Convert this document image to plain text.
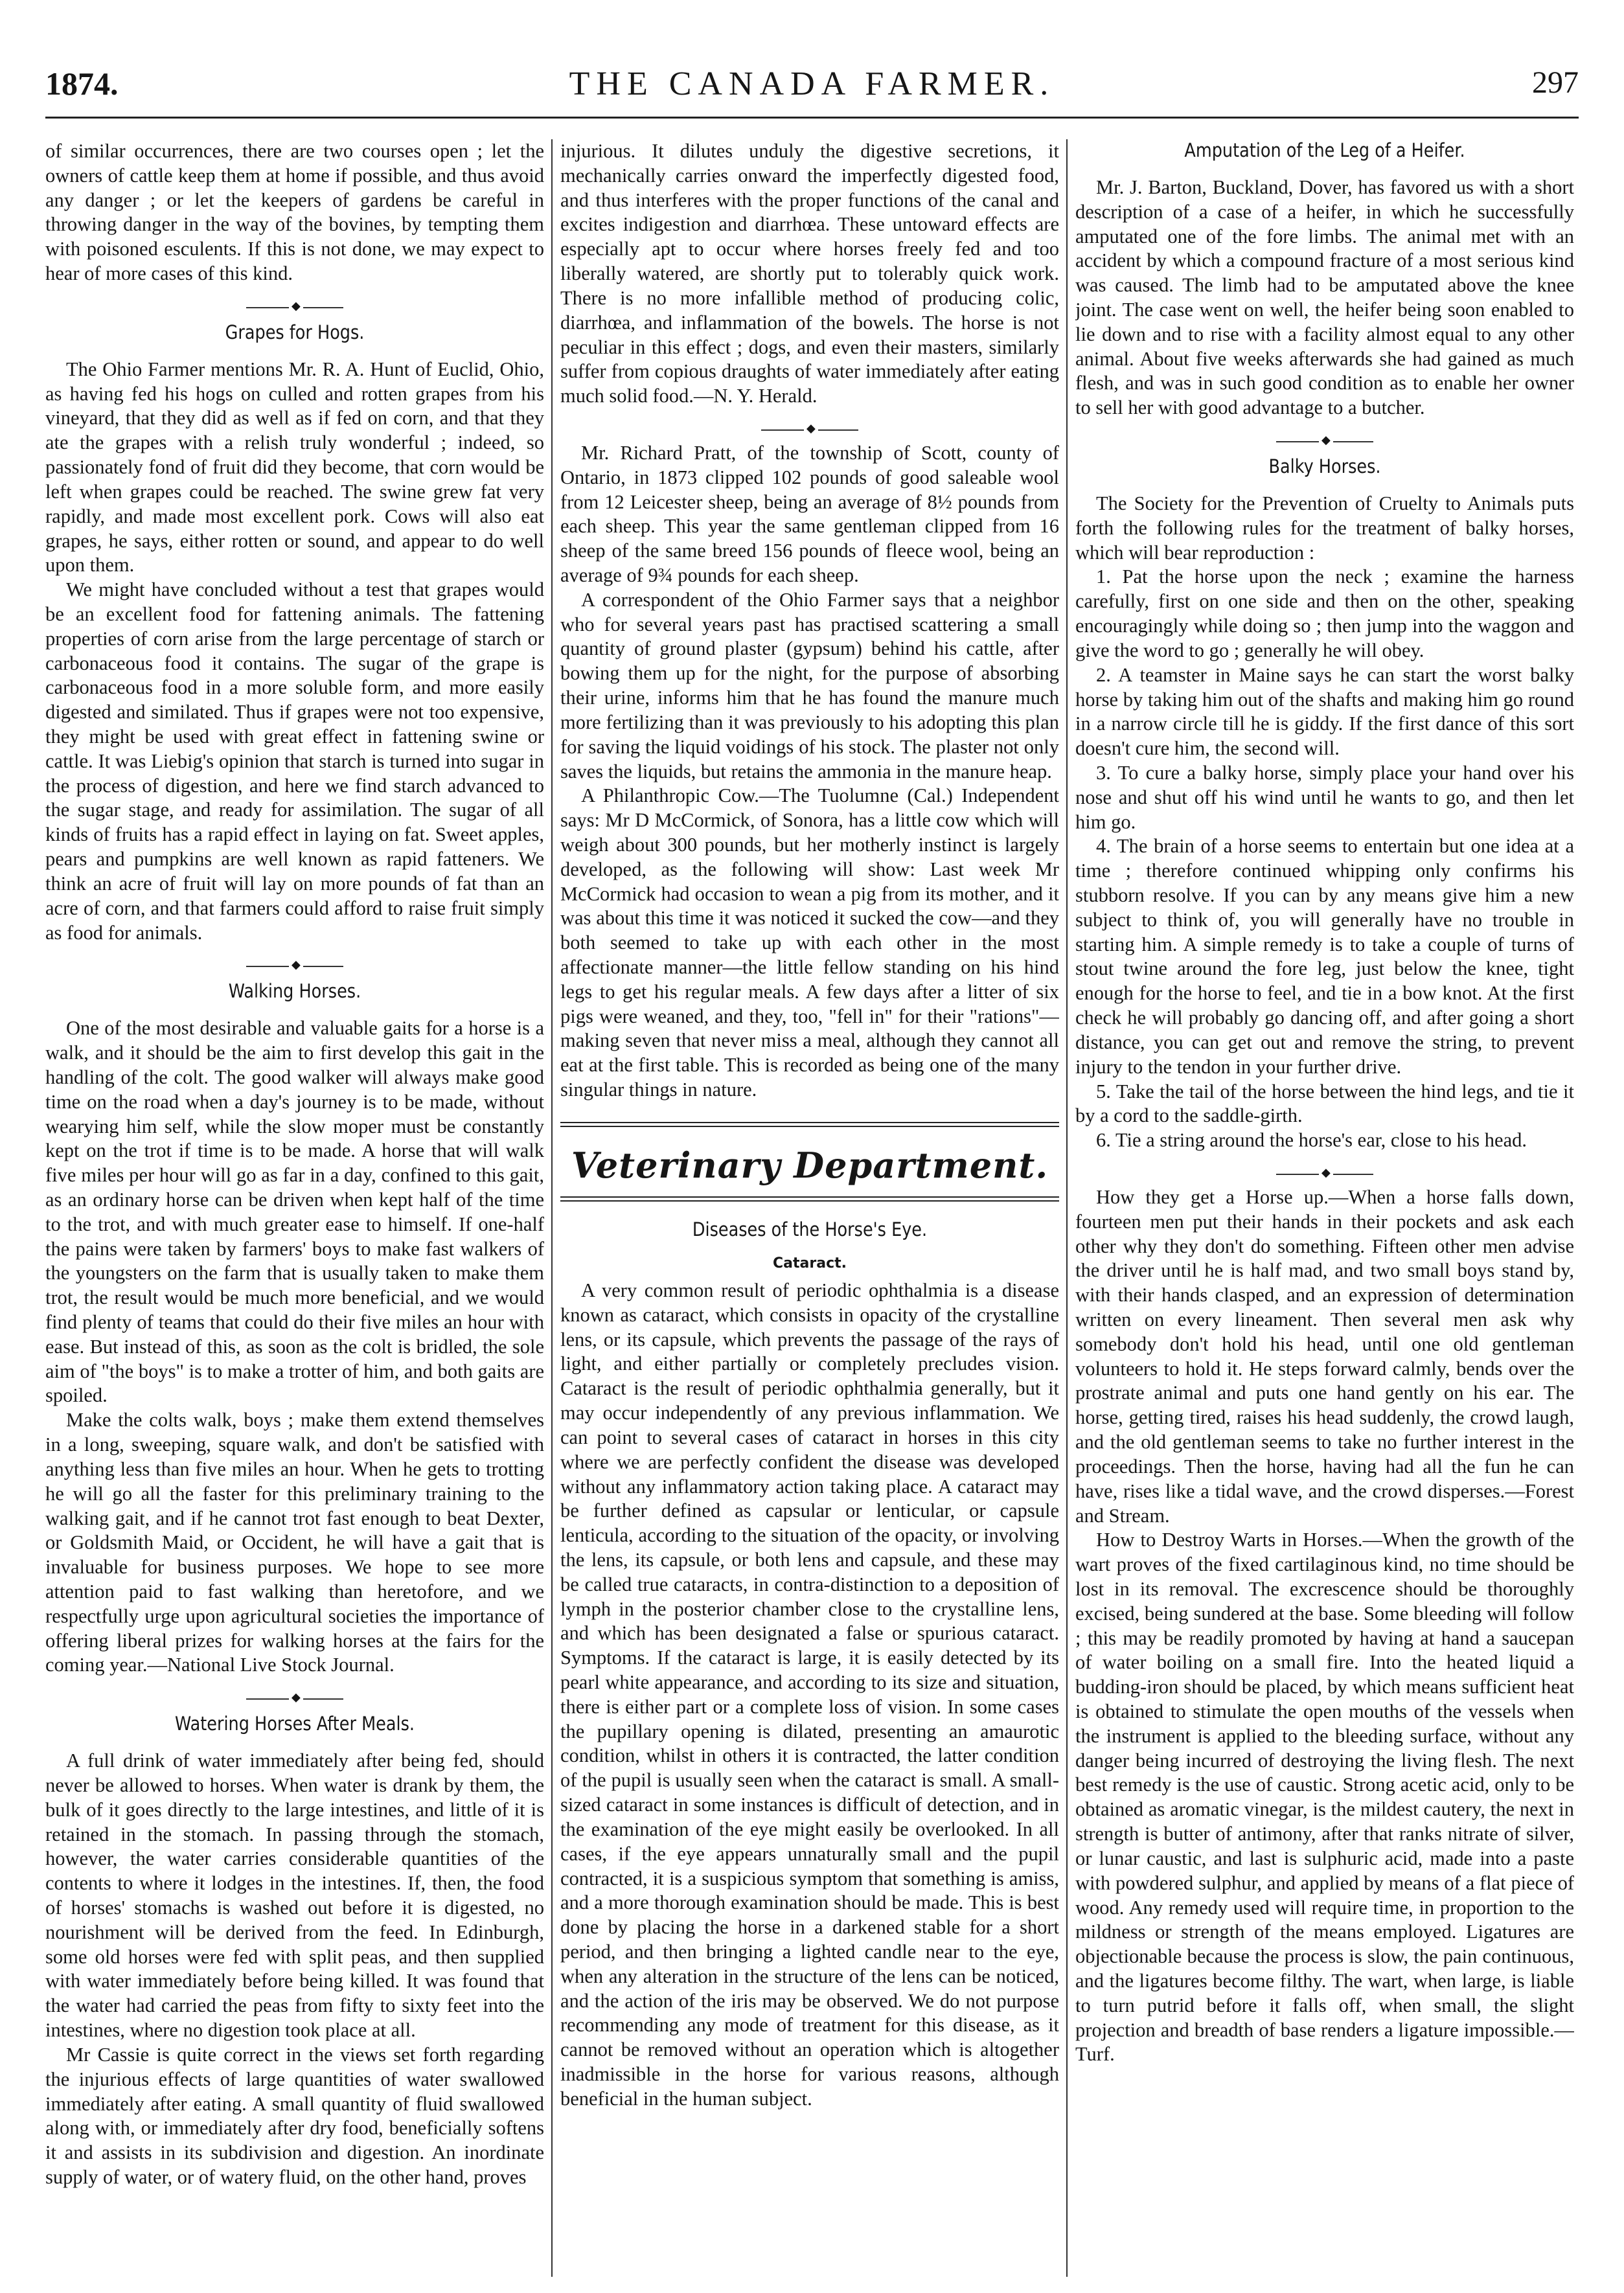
1874.	THE CANADA FARMER.	297

of similar occurrences, there are two courses open ; let the owners of cattle keep them at home if possible, and thus avoid any danger ; or let the keepers of gardens be careful in throwing danger in the way of the bovines, by tempting them with poisoned esculents. If this is not done, we may expect to hear of more cases of this kind.

◆
Grapes for Hogs.

The Ohio Farmer mentions Mr. R. A. Hunt of Euclid, Ohio, as having fed his hogs on culled and rotten grapes from his vineyard, that they did as well as if fed on corn, and that they ate the grapes with a relish truly wonderful ; indeed, so passionately fond of fruit did they become, that corn would be left when grapes could be reached. The swine grew fat very rapidly, and made most excellent pork. Cows will also eat grapes, he says, either rotten or sound, and appear to do well upon them.

We might have concluded without a test that grapes would be an excellent food for fattening animals. The fattening properties of corn arise from the large percentage of starch or carbonaceous food it contains. The sugar of the grape is carbonaceous food in a more soluble form, and more easily digested and similated. Thus if grapes were not too expensive, they might be used with great effect in fattening swine or cattle. It was Liebig's opinion that starch is turned into sugar in the process of digestion, and here we find starch advanced to the sugar stage, and ready for assimilation. The sugar of all kinds of fruits has a rapid effect in laying on fat. Sweet apples, pears and pumpkins are well known as rapid fatteners. We think an acre of fruit will lay on more pounds of fat than an acre of corn, and that farmers could afford to raise fruit simply as food for animals.

◆
Walking Horses.

One of the most desirable and valuable gaits for a horse is a walk, and it should be the aim to first develop this gait in the handling of the colt. The good walker will always make good time on the road when a day's journey is to be made, without wearying him self, while the slow moper must be constantly kept on the trot if time is to be made. A horse that will walk five miles per hour will go as far in a day, confined to this gait, as an ordinary horse can be driven when kept half of the time to the trot, and with much greater ease to himself. If one-half the pains were taken by farmers' boys to make fast walkers of the youngsters on the farm that is usually taken to make them trot, the result would be much more beneficial, and we would find plenty of teams that could do their five miles an hour with ease. But instead of this, as soon as the colt is bridled, the sole aim of "the boys" is to make a trotter of him, and both gaits are spoiled.

Make the colts walk, boys ; make them extend themselves in a long, sweeping, square walk, and don't be satisfied with anything less than five miles an hour. When he gets to trotting he will go all the faster for this preliminary training to the walking gait, and if he cannot trot fast enough to beat Dexter, or Goldsmith Maid, or Occident, he will have a gait that is invaluable for business purposes. We hope to see more attention paid to fast walking than heretofore, and we respectfully urge upon agricultural societies the importance of offering liberal prizes for walking horses at the fairs for the coming year.—National Live Stock Journal.

◆
Watering Horses After Meals.

A full drink of water immediately after being fed, should never be allowed to horses. When water is drank by them, the bulk of it goes directly to the large intestines, and little of it is retained in the stomach. In passing through the stomach, however, the water carries considerable quantities of the contents to where it lodges in the intestines. If, then, the food of horses' stomachs is washed out before it is digested, no nourishment will be derived from the feed. In Edinburgh, some old horses were fed with split peas, and then supplied with water immediately before being killed. It was found that the water had carried the peas from fifty to sixty feet into the intestines, where no digestion took place at all.

Mr Cassie is quite correct in the views set forth regarding the injurious effects of large quantities of water swallowed immediately after eating. A small quantity of fluid swallowed along with, or immediately after dry food, beneficially softens it and assists in its subdivision and digestion. An inordinate supply of water, or of watery fluid, on the other hand, proves

injurious. It dilutes unduly the digestive secretions, it mechanically carries onward the imperfectly digested food, and thus interferes with the proper functions of the canal and excites indigestion and diarrhœa. These untoward effects are especially apt to occur where horses freely fed and too liberally watered, are shortly put to tolerably quick work. There is no more infallible method of producing colic, diarrhœa, and inflammation of the bowels. The horse is not peculiar in this effect ; dogs, and even their masters, similarly suffer from copious draughts of water immediately after eating much solid food.—N. Y. Herald.

◆

Mr. Richard Pratt, of the township of Scott, county of Ontario, in 1873 clipped 102 pounds of good saleable wool from 12 Leicester sheep, being an average of 8½ pounds from each sheep. This year the same gentleman clipped from 16 sheep of the same breed 156 pounds of fleece wool, being an average of 9¾ pounds for each sheep.

A correspondent of the Ohio Farmer says that a neighbor who for several years past has practised scattering a small quantity of ground plaster (gypsum) behind his cattle, after bowing them up for the night, for the purpose of absorbing their urine, informs him that he has found the manure much more fertilizing than it was previously to his adopting this plan for saving the liquid voidings of his stock. The plaster not only saves the liquids, but retains the ammonia in the manure heap.

A Philanthropic Cow.—The Tuolumne (Cal.) Independent says: Mr D McCormick, of Sonora, has a little cow which will weigh about 300 pounds, but her motherly instinct is largely developed, as the following will show: Last week Mr McCormick had occasion to wean a pig from its mother, and it was about this time it was noticed it sucked the cow—and they both seemed to take up with each other in the most affectionate manner—the little fellow standing on his hind legs to get his regular meals. A few days after a litter of six pigs were weaned, and they, too, "fell in" for their "rations"—making seven that never miss a meal, although they cannot all eat at the first table. This is recorded as being one of the many singular things in nature.

Veterinary Department.
Diseases of the Horse's Eye.
Cataract.

A very common result of periodic ophthalmia is a disease known as cataract, which consists in opacity of the crystalline lens, or its capsule, which prevents the passage of the rays of light, and either partially or completely precludes vision. Cataract is the result of periodic ophthalmia generally, but it may occur independently of any previous inflammation. We can point to several cases of cataract in horses in this city where we are perfectly confident the disease was developed without any inflammatory action taking place. A cataract may be further defined as capsular or lenticular, or capsule lenticula, according to the situation of the opacity, or involving the lens, its capsule, or both lens and capsule, and these may be called true cataracts, in contra-distinction to a deposition of lymph in the posterior chamber close to the crystalline lens, and which has been designated a false or spurious cataract. Symptoms. If the cataract is large, it is easily detected by its pearl white appearance, and according to its size and situation, there is either part or a complete loss of vision. In some cases the pupillary opening is dilated, presenting an amaurotic condition, whilst in others it is contracted, the latter condition of the pupil is usually seen when the cataract is small. A small-sized cataract in some instances is difficult of detection, and in the examination of the eye might easily be overlooked. In all cases, if the eye appears unnaturally small and the pupil contracted, it is a suspicious symptom that something is amiss, and a more thorough examination should be made. This is best done by placing the horse in a darkened stable for a short period, and then bringing a lighted candle near to the eye, when any alteration in the structure of the lens can be noticed, and the action of the iris may be observed. We do not purpose recommending any mode of treatment for this disease, as it cannot be removed without an operation which is altogether inadmissible in the horse for various reasons, although beneficial in the human subject.

Amputation of the Leg of a Heifer.

Mr. J. Barton, Buckland, Dover, has favored us with a short description of a case of a heifer, in which he successfully amputated one of the fore limbs. The animal met with an accident by which a compound fracture of a most serious kind was caused. The limb had to be amputated above the knee joint. The case went on well, the heifer being soon enabled to lie down and to rise with a facility almost equal to any other animal. About five weeks afterwards she had gained as much flesh, and was in such good condition as to enable her owner to sell her with good advantage to a butcher.

◆
Balky Horses.

The Society for the Prevention of Cruelty to Animals puts forth the following rules for the treatment of balky horses, which will bear reproduction :

1. Pat the horse upon the neck ; examine the harness carefully, first on one side and then on the other, speaking encouragingly while doing so ; then jump into the waggon and give the word to go ; generally he will obey.

2. A teamster in Maine says he can start the worst balky horse by taking him out of the shafts and making him go round in a narrow circle till he is giddy. If the first dance of this sort doesn't cure him, the second will.

3. To cure a balky horse, simply place your hand over his nose and shut off his wind until he wants to go, and then let him go.

4. The brain of a horse seems to entertain but one idea at a time ; therefore continued whipping only confirms his stubborn resolve. If you can by any means give him a new subject to think of, you will generally have no trouble in starting him. A simple remedy is to take a couple of turns of stout twine around the fore leg, just below the knee, tight enough for the horse to feel, and tie in a bow knot. At the first check he will probably go dancing off, and after going a short distance, you can get out and remove the string, to prevent injury to the tendon in your further drive.

5. Take the tail of the horse between the hind legs, and tie it by a cord to the saddle-girth.

6. Tie a string around the horse's ear, close to his head.

◆

How they get a Horse up.—When a horse falls down, fourteen men put their hands in their pockets and ask each other why they don't do something. Fifteen other men advise the driver until he is half mad, and two small boys stand by, with their hands clasped, and an expression of determination written on every lineament. Then several men ask why somebody don't hold his head, until one old gentleman volunteers to hold it. He steps forward calmly, bends over the prostrate animal and puts one hand gently on his ear. The horse, getting tired, raises his head suddenly, the crowd laugh, and the old gentleman seems to take no further interest in the proceedings. Then the horse, having had all the fun he can have, rises like a tidal wave, and the crowd disperses.—Forest and Stream.

How to Destroy Warts in Horses.—When the growth of the wart proves of the fixed cartilaginous kind, no time should be lost in its removal. The excrescence should be thoroughly excised, being sundered at the base. Some bleeding will follow ; this may be readily promoted by having at hand a saucepan of water boiling on a small fire. Into the heated liquid a budding-iron should be placed, by which means sufficient heat is obtained to stimulate the open mouths of the vessels when the instrument is applied to the bleeding surface, without any danger being incurred of destroying the living flesh. The next best remedy is the use of caustic. Strong acetic acid, only to be obtained as aromatic vinegar, is the mildest cautery, the next in strength is butter of antimony, after that ranks nitrate of silver, or lunar caustic, and last is sulphuric acid, made into a paste with powdered sulphur, and applied by means of a flat piece of wood. Any remedy used will require time, in proportion to the mildness or strength of the means employed. Ligatures are objectionable because the process is slow, the pain continuous, and the ligatures become filthy. The wart, when large, is liable to turn putrid before it falls off, when small, the slight projection and breadth of base renders a ligature impossible.—Turf.
